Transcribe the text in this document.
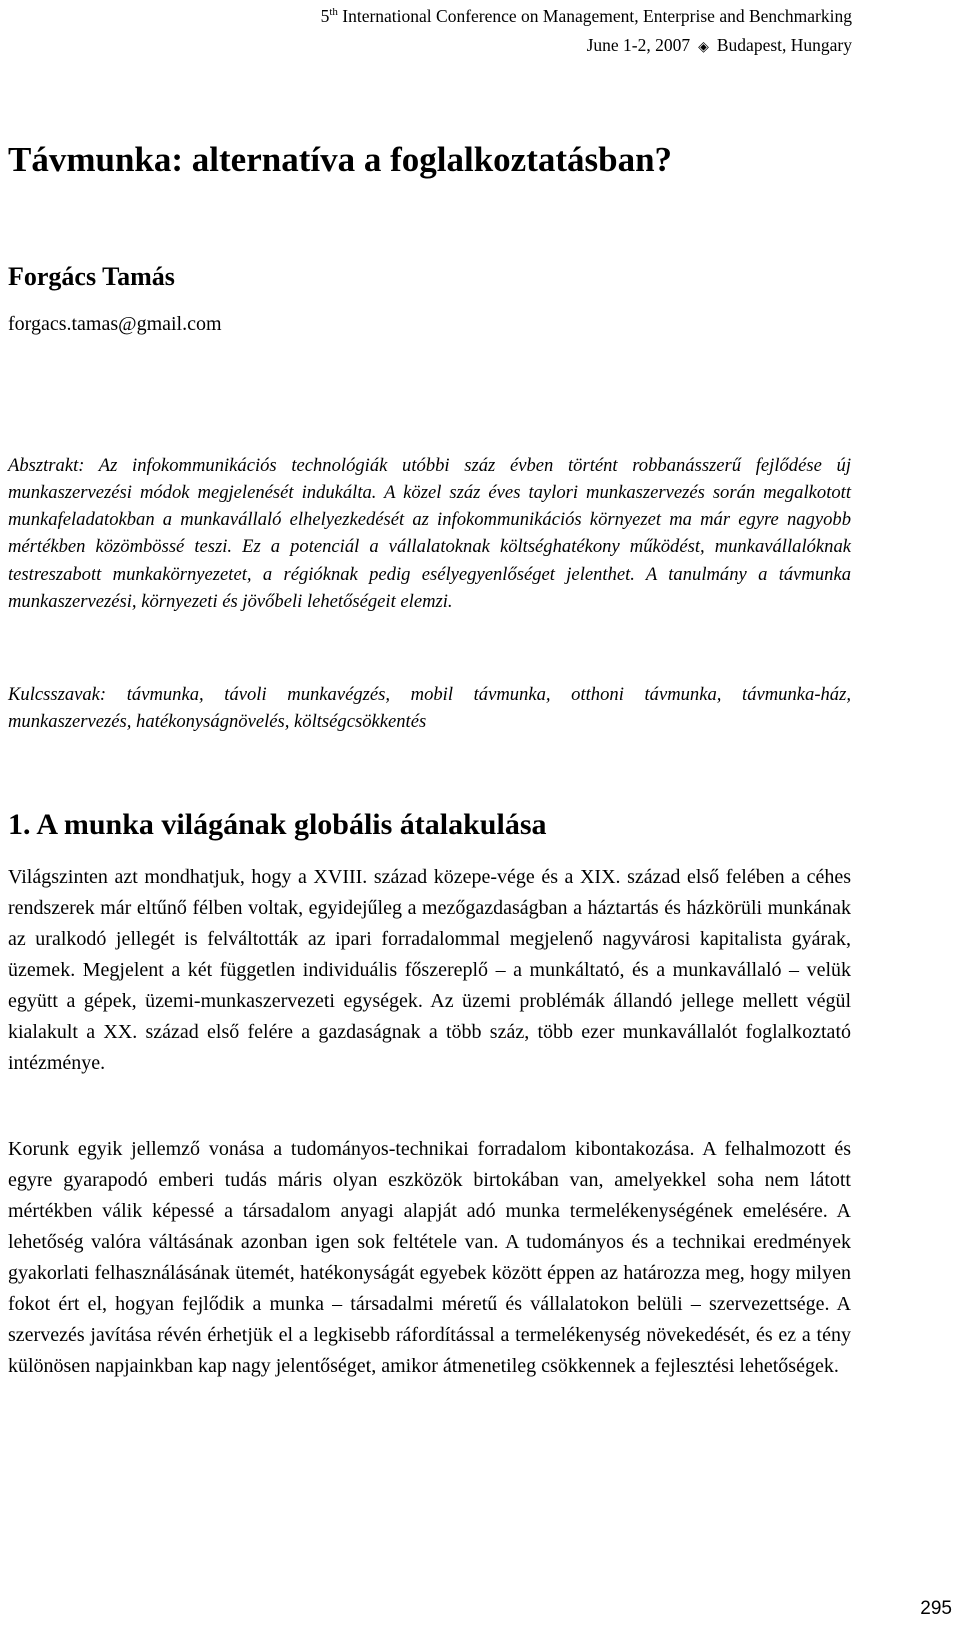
5th International Conference on Management, Enterprise and Benchmarking
June 1-2, 2007 ◈ Budapest, Hungary
Távmunka: alternatíva a foglalkoztatásban?
Forgács Tamás
forgacs.tamas@gmail.com

Absztrakt: Az infokommunikációs technológiák utóbbi száz évben történt robbanásszerű fejlődése új munkaszervezési módok megjelenését indukálta. A közel száz éves taylori munkaszervezés során megalkotott munkafeladatokban a munkavállaló elhelyezkedését az infokommunikációs környezet ma már egyre nagyobb mértékben közömbössé teszi. Ez a potenciál a vállalatoknak költséghatékony működést, munkavállalóknak testreszabott munkakörnyezetet, a régióknak pedig esélyegyenlőséget jelenthet. A tanulmány a távmunka munkaszervezési, környezeti és jövőbeli lehetőségeit elemzi.

Kulcsszavak: távmunka, távoli munkavégzés, mobil távmunka, otthoni távmunka, távmunka-ház, munkaszervezés, hatékonyságnövelés, költségcsökkentés

1. A munka világának globális átalakulása

Világszinten azt mondhatjuk, hogy a XVIII. század közepe-vége és a XIX. század első felében a céhes rendszerek már eltűnő félben voltak, egyidejűleg a mezőgazdaságban a háztartás és házkörüli munkának az uralkodó jellegét is felváltották az ipari forradalommal megjelenő nagyvárosi kapitalista gyárak, üzemek. Megjelent a két független individuális főszereplő – a munkáltató, és a munkavállaló – velük együtt a gépek, üzemi-munkaszervezeti egységek. Az üzemi problémák állandó jellege mellett végül kialakult a XX. század első felére a gazdaságnak a több száz, több ezer munkavállalót foglalkoztató intézménye.

Korunk egyik jellemző vonása a tudományos-technikai forradalom kibontakozása. A felhalmozott és egyre gyarapodó emberi tudás máris olyan eszközök birtokában van, amelyekkel soha nem látott mértékben válik képessé a társadalom anyagi alapját adó munka termelékenységének emelésére. A lehetőség valóra váltásának azonban igen sok feltétele van. A tudományos és a technikai eredmények gyakorlati felhasználásának ütemét, hatékonyságát egyebek között éppen az határozza meg, hogy milyen fokot ért el, hogyan fejlődik a munka – társadalmi méretű és vállalatokon belüli – szervezettsége. A szervezés javítása révén érhetjük el a legkisebb ráfordítással a termelékenység növekedését, és ez a tény különösen napjainkban kap nagy jelentőséget, amikor átmenetileg csökkennek a fejlesztési lehetőségek.

295
